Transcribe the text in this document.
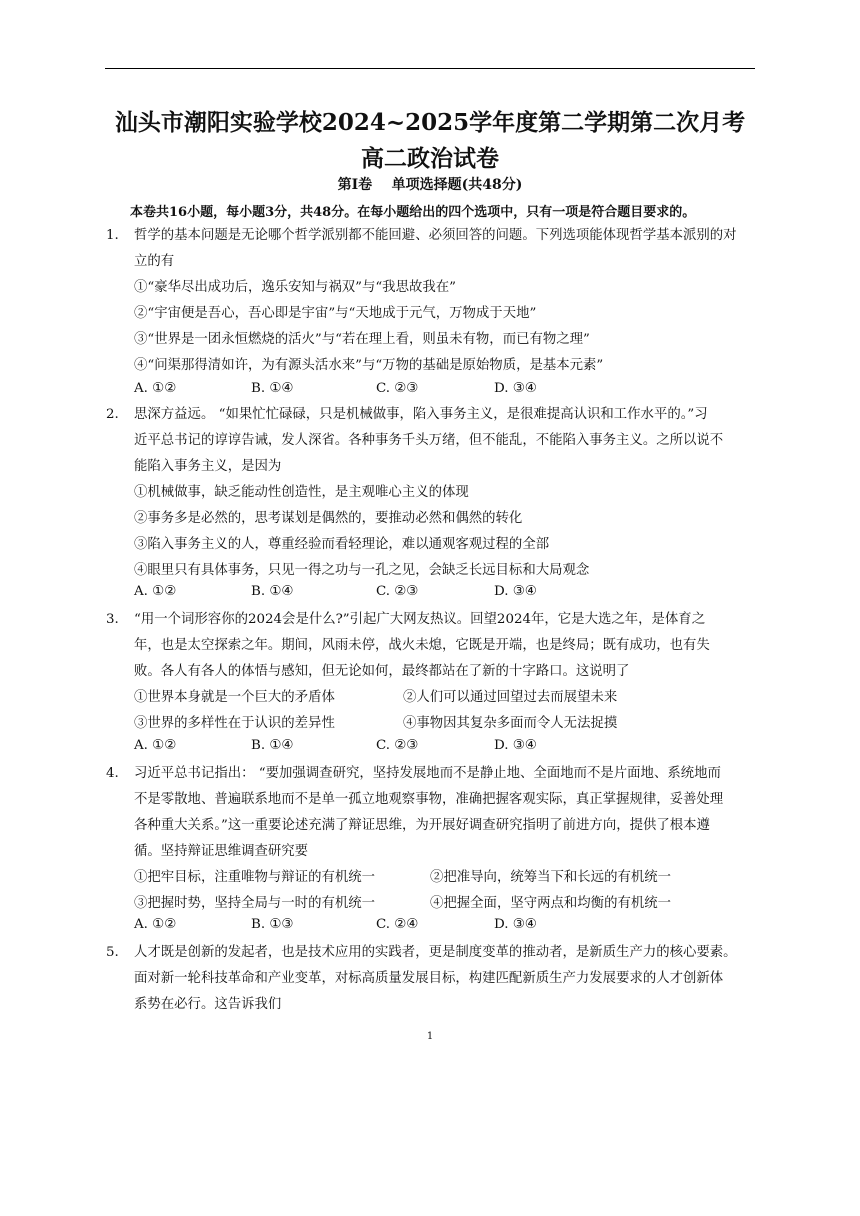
汕头市潮阳实验学校2024~2025学年度第二学期第二次月考
高二政治试卷
第Ⅰ卷    单项选择题(共48分)
本卷共16小题，每小题3分，共48分。在每小题给出的四个选项中，只有一项是符合题目要求的。
1. 哲学的基本问题是无论哪个哲学派别都不能回避、必须回答的问题。下列选项能体现哲学基本派别的对
立的有
①“豪华尽出成功后，逸乐安知与祸双”与“我思故我在”
②“宇宙便是吾心，吾心即是宇宙”与“天地成于元气，万物成于天地”
③“世界是一团永恒燃烧的活火”与“若在理上看，则虽未有物，而已有物之理”
④“问渠那得清如许，为有源头活水来”与“万物的基础是原始物质，是基本元素”
A. ①②	B. ①④	C. ②③	D. ③④
2. 思深方益远。 “如果忙忙碌碌，只是机械做事，陷入事务主义，是很难提高认识和工作水平的。”习
近平总书记的谆谆告诫，发人深省。各种事务千头万绪，但不能乱，不能陷入事务主义。之所以说不
能陷入事务主义，是因为
①机械做事，缺乏能动性创造性，是主观唯心主义的体现
②事务多是必然的，思考谋划是偶然的，要推动必然和偶然的转化
③陷入事务主义的人，尊重经验而看轻理论，难以通观客观过程的全部
④眼里只有具体事务，只见一得之功与一孔之见，会缺乏长远目标和大局观念
A. ①②	B. ①④	C. ②③	D. ③④
3. “用一个词形容你的2024会是什么?”引起广大网友热议。回望2024年，它是大选之年，是体育之
年，也是太空探索之年。期间，风雨未停，战火未熄，它既是开端，也是终局；既有成功，也有失
败。各人有各人的体悟与感知，但无论如何，最终都站在了新的十字路口。这说明了
①世界本身就是一个巨大的矛盾体	②人们可以通过回望过去而展望未来
③世界的多样性在于认识的差异性	④事物因其复杂多面而令人无法捉摸
A. ①②	B. ①④	C. ②③	D. ③④
4. 习近平总书记指出： “要加强调查研究，坚持发展地而不是静止地、全面地而不是片面地、系统地而
不是零散地、普遍联系地而不是单一孤立地观察事物，准确把握客观实际，真正掌握规律，妥善处理
各种重大关系。”这一重要论述充满了辩证思维，为开展好调查研究指明了前进方向，提供了根本遵
循。坚持辩证思维调查研究要
①把牢目标，注重唯物与辩证的有机统一	②把准导向，统筹当下和长远的有机统一
③把握时势，坚持全局与一时的有机统一	④把握全面，坚守两点和均衡的有机统一
A. ①②	B. ①③	C. ②④	D. ③④
5. 人才既是创新的发起者，也是技术应用的实践者，更是制度变革的推动者，是新质生产力的核心要素。
面对新一轮科技革命和产业变革，对标高质量发展目标，构建匹配新质生产力发展要求的人才创新体
系势在必行。这告诉我们
1
